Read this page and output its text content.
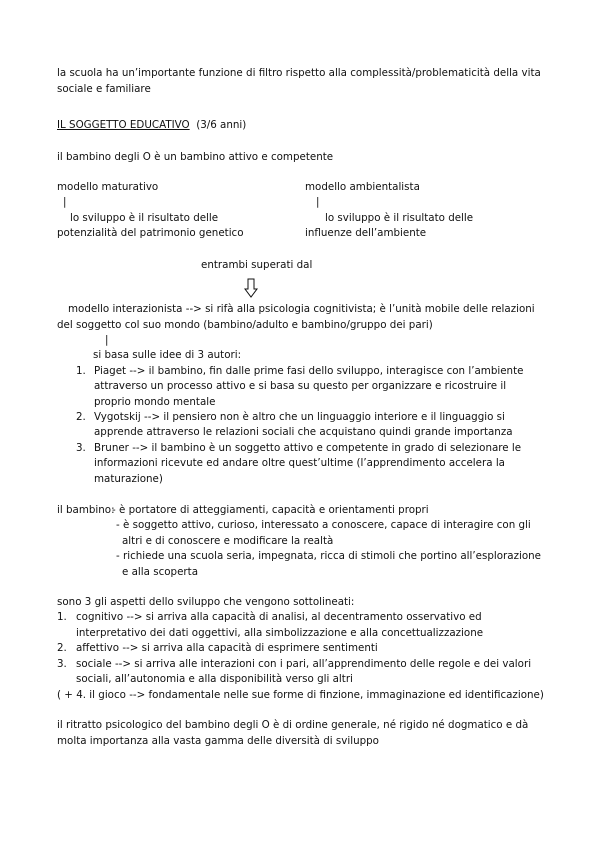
la scuola ha un’importante funzione di filtro rispetto alla complessità/problematicità della vita
sociale e familiare
IL SOGGETTO EDUCATIVO (3/6 anni)
il bambino degli O è un bambino attivo e competente
modello maturativo
|
lo sviluppo è il risultato delle
potenzialità del patrimonio genetico
modello ambientalista
|
lo sviluppo è il risultato delle
influenze dell’ambiente
entrambi superati dal
modello interazionista --> si rifà alla psicologia cognitivista; è l’unità mobile delle relazioni
del soggetto col suo mondo (bambino/adulto e bambino/gruppo dei pari)
|
si basa sulle idee di 3 autori:
1. Piaget --> il bambino, fin dalle prime fasi dello sviluppo, interagisce con l’ambiente
attraverso un processo attivo e si basa su questo per organizzare e ricostruire il
proprio mondo mentale
2. Vygotskij --> il pensiero non è altro che un linguaggio interiore e il linguaggio si
apprende attraverso le relazioni sociali che acquistano quindi grande importanza
3. Bruner --> il bambino è un soggetto attivo e competente in grado di selezionare le
informazioni ricevute ed andare oltre quest’ultime (l’apprendimento accelera la
maturazione)
il bambino:
- è portatore di atteggiamenti, capacità e orientamenti propri
- è soggetto attivo, curioso, interessato a conoscere, capace di interagire con gli
altri e di conoscere e modificare la realtà
- richiede una scuola seria, impegnata, ricca di stimoli che portino all’esplorazione
e alla scoperta
sono 3 gli aspetti dello sviluppo che vengono sottolineati:
1. cognitivo --> si arriva alla capacità di analisi, al decentramento osservativo ed
interpretativo dei dati oggettivi, alla simbolizzazione e alla concettualizzazione
2. affettivo --> si arriva alla capacità di esprimere sentimenti
3. sociale --> si arriva alle interazioni con i pari, all’apprendimento delle regole e dei valori
sociali, all’autonomia e alla disponibilità verso gli altri
( + 4. il gioco --> fondamentale nelle sue forme di finzione, immaginazione ed identificazione)
il ritratto psicologico del bambino degli O è di ordine generale, né rigido né dogmatico e dà
molta importanza alla vasta gamma delle diversità di sviluppo
